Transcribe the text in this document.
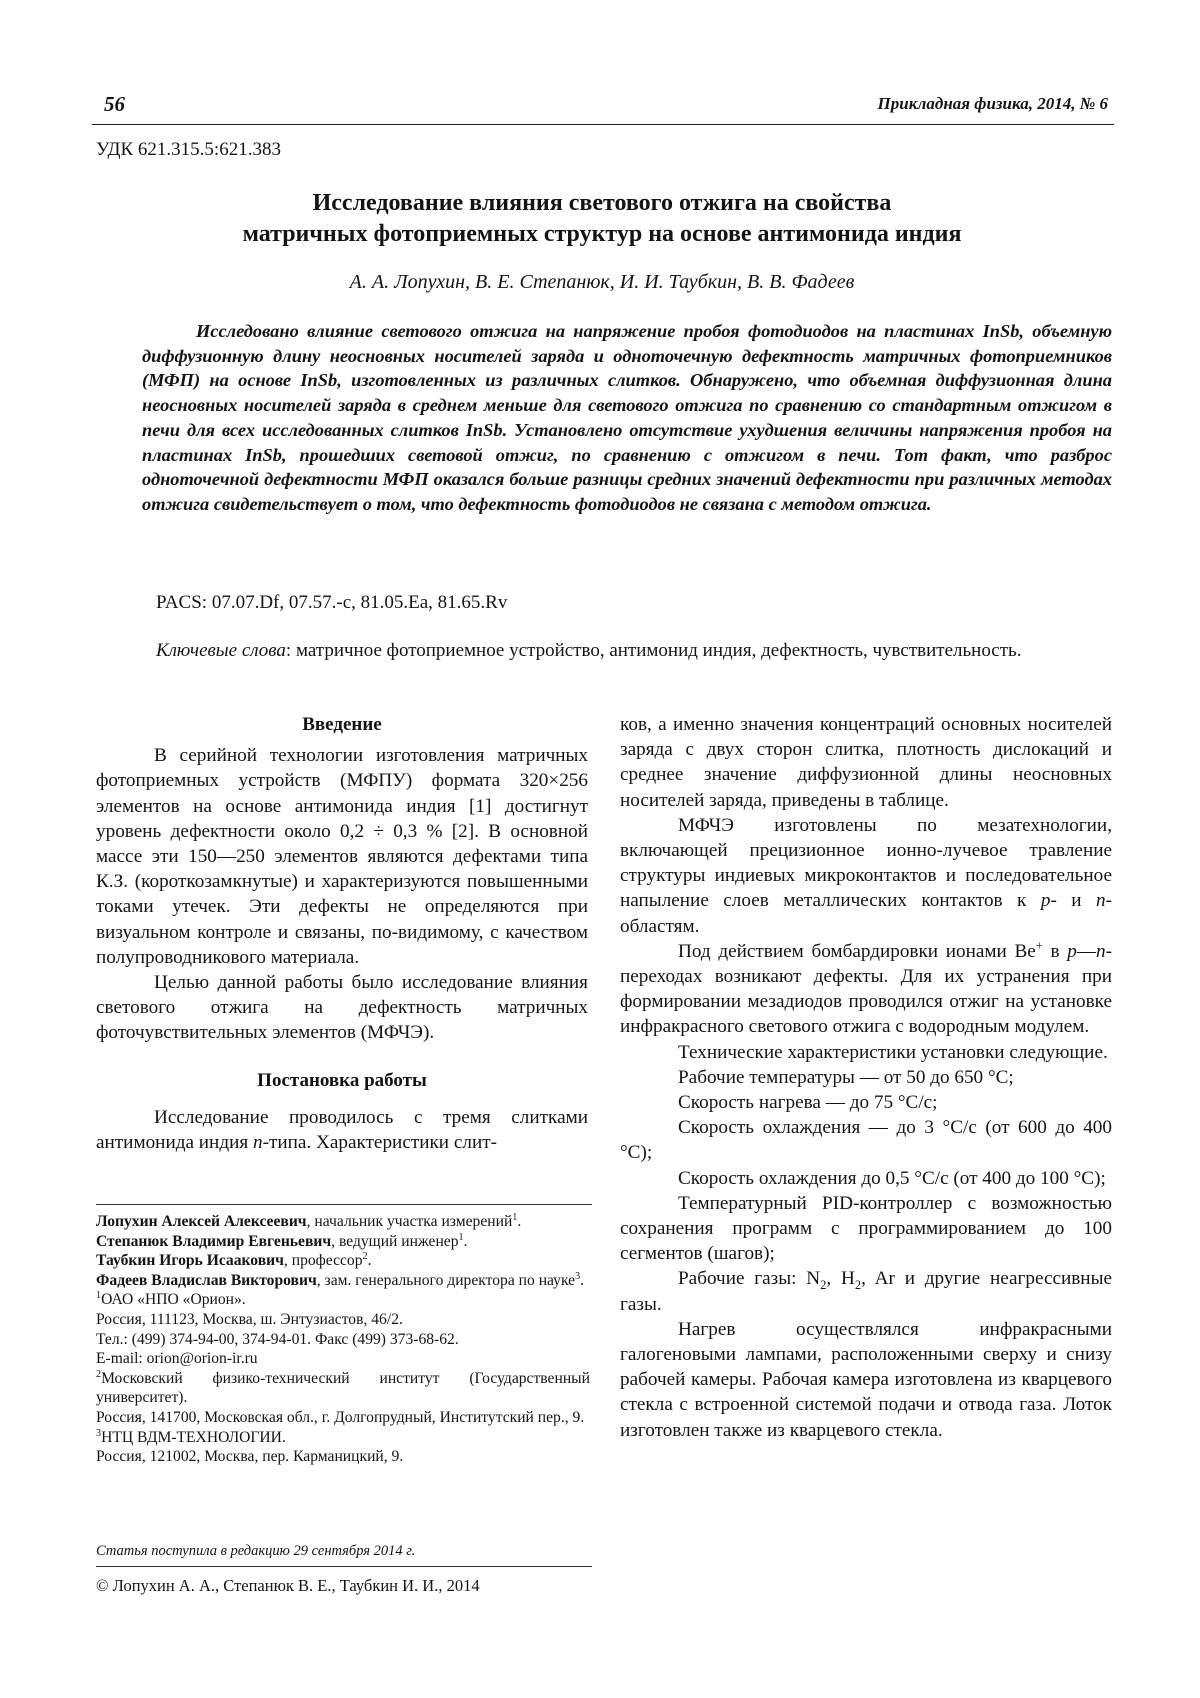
56	Прикладная физика, 2014, № 6
УДК 621.315.5:621.383
Исследование влияния светового отжига на свойства
матричных фотоприемных структур на основе антимонида индия
А. А. Лопухин, В. Е. Степанюк, И. И. Таубкин, В. В. Фадеев
Исследовано влияние светового отжига на напряжение пробоя фотодиодов на пластинах InSb, объемную диффузионную длину неосновных носителей заряда и одноточечную дефектность матричных фотоприемников (МФП) на основе InSb, изготовленных из различных слитков. Обнаружено, что объемная диффузионная длина неосновных носителей заряда в среднем меньше для светового отжига по сравнению со стандартным отжигом в печи для всех исследованных слитков InSb. Установлено отсутствие ухудшения величины напряжения пробоя на пластинах InSb, прошедших световой отжиг, по сравнению с отжигом в печи. Тот факт, что разброс одноточечной дефектности МФП оказался больше разницы средних значений дефектности при различных методах отжига свидетельствует о том, что дефектность фотодиодов не связана с методом отжига.
PACS: 07.07.Df, 07.57.-c, 81.05.Ea, 81.65.Rv
Ключевые слова: матричное фотоприемное устройство, антимонид индия, дефектность, чувствительность.
Введение

В серийной технологии изготовления матричных фотоприемных устройств (МФПУ) формата 320×256 элементов на основе антимонида индия [1] достигнут уровень дефектности около 0,2 ÷ 0,3 % [2]. В основной массе эти 150—250 элементов являются дефектами типа К.З. (короткозамкнутые) и характеризуются повышенными токами утечек. Эти дефекты не определяются при визуальном контроле и связаны, по-видимому, с качеством полупроводникового материала.

Целью данной работы было исследование влияния светового отжига на дефектность матричных фоточувствительных элементов (МФЧЭ).

Постановка работы

Исследование проводилось с тремя слитками антимонида индия n-типа. Характеристики слит-

Лопухин Алексей Алексеевич, начальник участка измерений$^1$.

Степанюк Владимир Евгеньевич, ведущий инженер$^1$.

Таубкин Игорь Исаакович, профессор$^2$.

Фадеев Владислав Викторович, зам. генерального директора по науке$^3$.

$^1$ОАО «НПО «Орион».

Россия, 111123, Москва, ш. Энтузиастов, 46/2.

Тел.: (499) 374-94-00, 374-94-01. Факс (499) 373-68-62.

E-mail: orion@orion-ir.ru

$^2$Московский физико-технический институт (Государственный университет).

Россия, 141700, Московская обл., г. Долгопрудный, Институтский пер., 9.

$^3$НТЦ ВДМ-ТЕХНОЛОГИИ.

Россия, 121002, Москва, пер. Карманицкий, 9.

Статья поступила в редакцию 29 сентября 2014 г.
© Лопухин А. А., Степанюк В. Е., Таубкин И. И., 2014

ков, а именно значения концентраций основных носителей заряда с двух сторон слитка, плотность дислокаций и среднее значение диффузионной длины неосновных носителей заряда, приведены в таблице.

МФЧЭ изготовлены по мезатехнологии, включающей прецизионное ионно-лучевое травление структуры индиевых микроконтактов и последовательное напыление слоев металлических контактов к p- и n-областям.

Под действием бомбардировки ионами Be+ в p—n-переходах возникают дефекты. Для их устранения при формировании мезадиодов проводился отжиг на установке инфракрасного светового отжига с водородным модулем.

Технические характеристики установки следующие.

Рабочие температуры — от 50 до 650 °С;

Скорость нагрева — до 75 °С/с;

Скорость охлаждения — до 3 °С/с (от 600 до 400 °С);

Скорость охлаждения до 0,5 °С/с (от 400 до 100 °С);

Температурный PID-контроллер с возможностью сохранения программ с программированием до 100 сегментов (шагов);

Рабочие газы: $N_2$, $H_2$, Ar и другие неагрессивные газы.

Нагрев осуществлялся инфракрасными галогеновыми лампами, расположенными сверху и снизу рабочей камеры. Рабочая камера изготовлена из кварцевого стекла с встроенной системой подачи и отвода газа. Лоток изготовлен также из кварцевого стекла.
